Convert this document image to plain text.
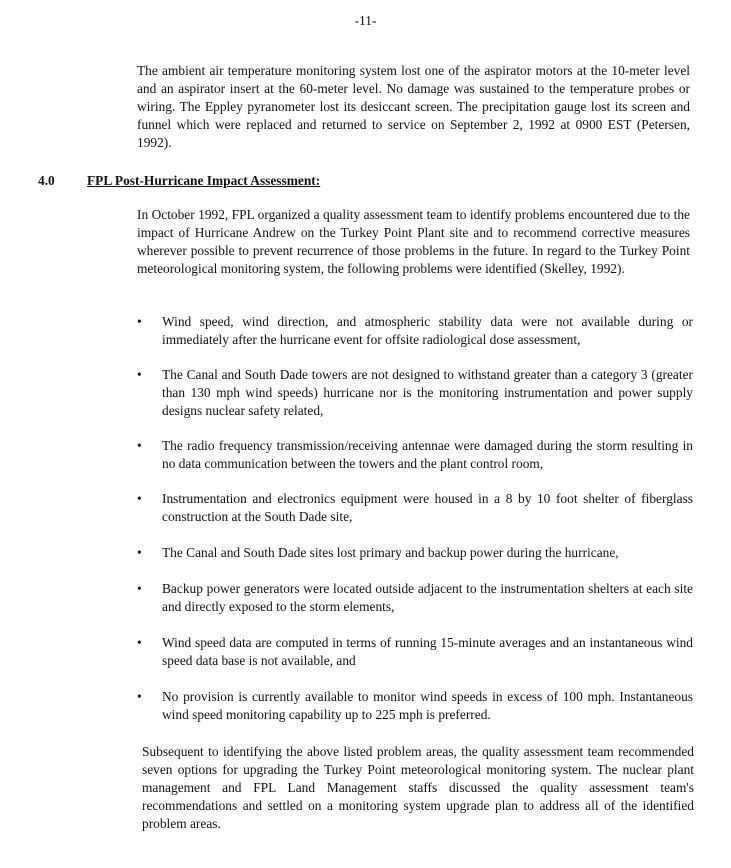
-11-

The ambient air temperature monitoring system lost one of the aspirator motors at the 10-meter level and an aspirator insert at the 60-meter level. No damage was sustained to the temperature probes or wiring. The Eppley pyranometer lost its desiccant screen. The precipitation gauge lost its screen and funnel which were replaced and returned to service on September 2, 1992 at 0900 EST (Petersen, 1992).

4.0 FPL Post-Hurricane Impact Assessment:

In October 1992, FPL organized a quality assessment team to identify problems encountered due to the impact of Hurricane Andrew on the Turkey Point Plant site and to recommend corrective measures wherever possible to prevent recurrence of those problems in the future. In regard to the Turkey Point meteorological monitoring system, the following problems were identified (Skelley, 1992).

•	Wind speed, wind direction, and atmospheric stability data were not available during or immediately after the hurricane event for offsite radiological dose assessment,
•	The Canal and South Dade towers are not designed to withstand greater than a category 3 (greater than 130 mph wind speeds) hurricane nor is the monitoring instrumentation and power supply designs nuclear safety related,
•	The radio frequency transmission/receiving antennae were damaged during the storm resulting in no data communication between the towers and the plant control room,
•	Instrumentation and electronics equipment were housed in a 8 by 10 foot shelter of fiberglass construction at the South Dade site,
•	The Canal and South Dade sites lost primary and backup power during the hurricane,
•	Backup power generators were located outside adjacent to the instrumentation shelters at each site and directly exposed to the storm elements,
•	Wind speed data are computed in terms of running 15-minute averages and an instantaneous wind speed data base is not available, and
•	No provision is currently available to monitor wind speeds in excess of 100 mph. Instantaneous wind speed monitoring capability up to 225 mph is preferred.

Subsequent to identifying the above listed problem areas, the quality assessment team recommended seven options for upgrading the Turkey Point meteorological monitoring system. The nuclear plant management and FPL Land Management staffs discussed the quality assessment team's recommendations and settled on a monitoring system upgrade plan to address all of the identified problem areas.
